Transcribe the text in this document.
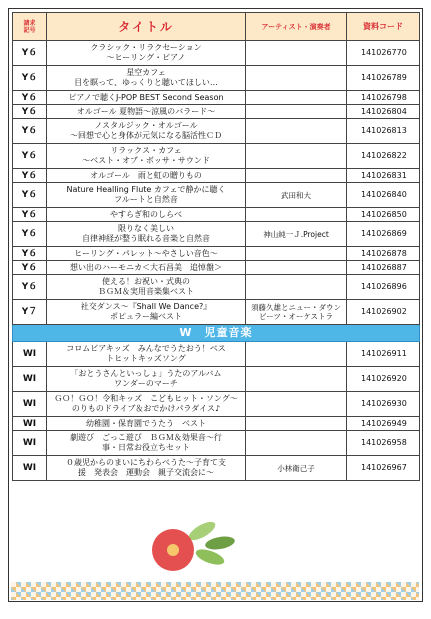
請求
記号	タイトル	アーティスト・演奏者	資料コード
Y６	クラシック・リラクセーション
～ヒーリング・ピアノ		141026770
Y６	星空カフェ
目を瞑って、ゆっくりと聴いてほしい…		141026789
Y６	ピアノで聴くJ-POP BEST Second Season		141026798
Y６	オルゴール 夏物語～涼風のバラード～		141026804
Y６	ノスタルジック・オルゴール
～回想で心と身体が元気になる脳活性ＣＤ		141026813
Y６	リラックス・カフェ
～ベスト・オブ・ボッサ・サウンド		141026822
Y６	オルゴール　雨と虹の贈りもの		141026831
Y６	Nature Healling Flute カフェで静かに聴く
フルートと自然音	武田和大	141026840
Y６	やすらぎ和のしらべ		141026850
Y６	限りなく美しい
自律神経が整う眠れる音楽と自然音	神山純一Ｊ.Project	141026869
Y６	ヒーリング・パレット～やさしい音色～		141026878
Y６	想い出のハーモニカ＜大石昌美　追悼盤＞		141026887
Y６	使える！お祝い・式典の
ＢＧＭ＆実用音楽集ベスト		141026896
Y７	社交ダンス～『Shall We Dance?』
ポピュラー編ベスト	須藤久雄とニュー・ダウン
ビーツ・オーケストラ	141026902
W　児童音楽			
WⅠ	コロムビアキッズ　みんなでうたおう！ベス
トヒットキッズソング		141026911
WⅠ	「おとうさんといっしょ」うたのアルバム
ワンダーのマーチ		141026920
WⅠ	ＧＯ！ＧＯ！令和キッズ　こどもヒット・ソング～
のりものドライブ＆おでかけパラダイス♪		141026930
WⅠ	幼稚園・保育園でうたう　ベスト		141026949
WⅠ	劇遊び　ごっこ遊び　ＢＧＭ＆効果音～行
事・日常お役立ちセット		141026958
WⅠ	０歳児からのまいにちわらべうた～子育て支
援　発表会　運動会　親子交流会に～	小林衛己子	141026967
